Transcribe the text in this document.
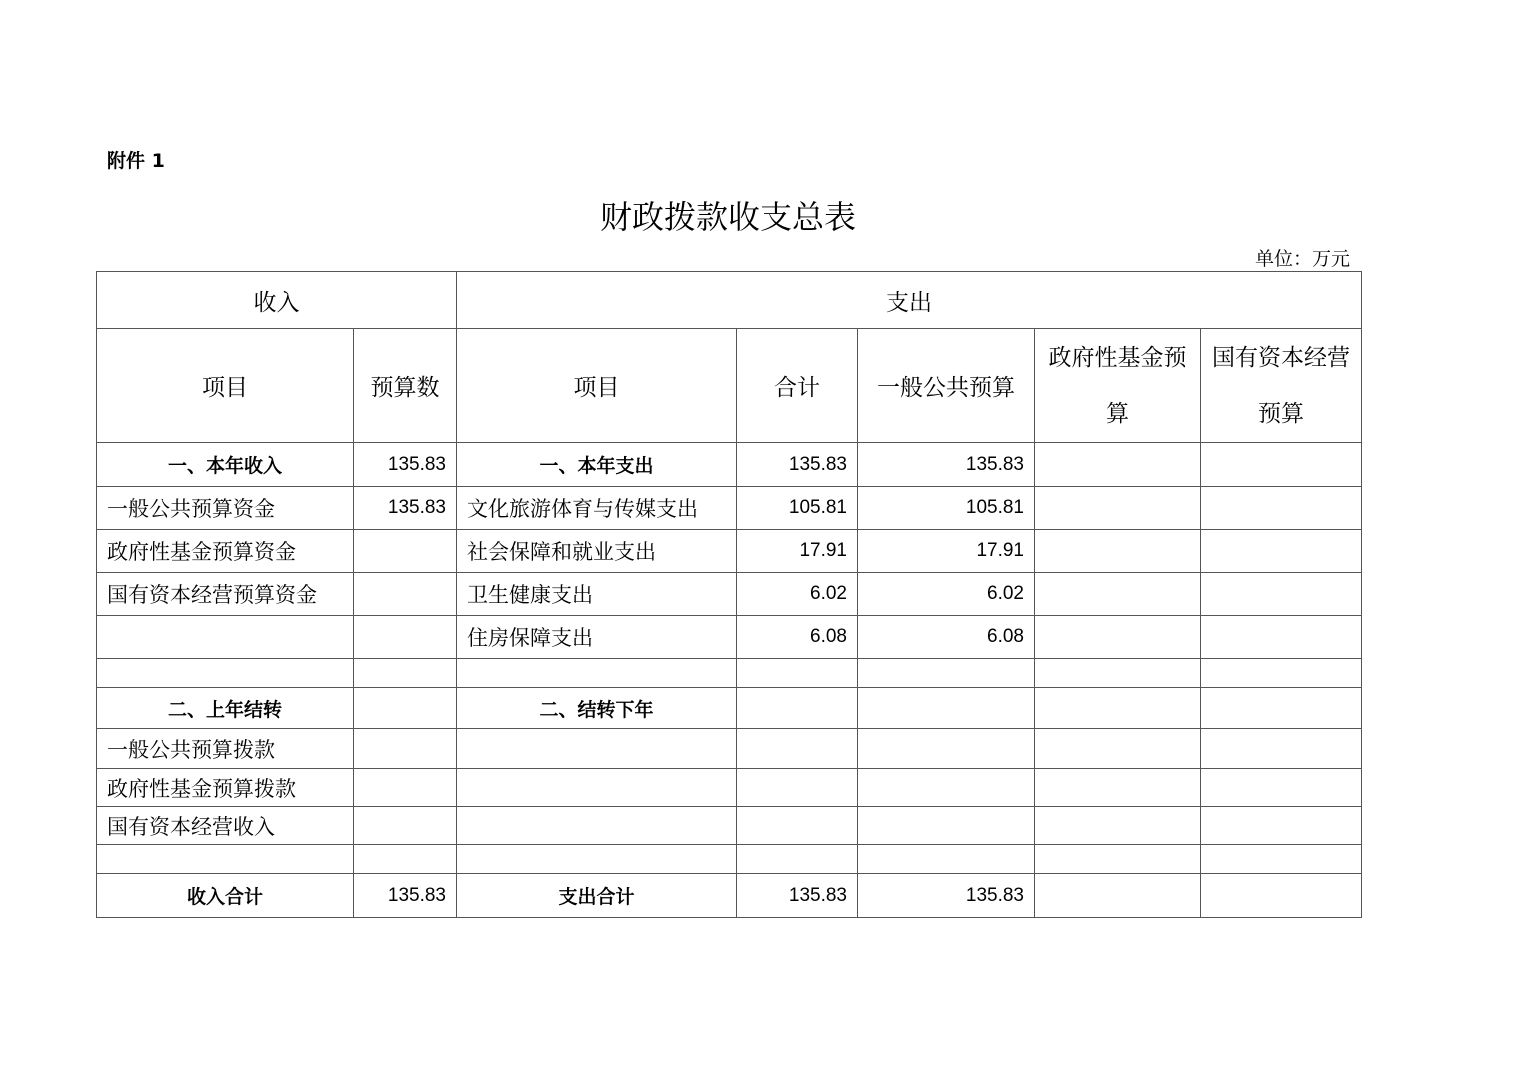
附件 1
财政拨款收支总表
单位：万元
收入		支出				
项目	预算数	项目	合计	一般公共预算	政府性基金预算	国有资本经营预算
一、本年收入	135.83	一、本年支出	135.83	135.83		
一般公共预算资金	135.83	文化旅游体育与传媒支出	105.81	105.81		
政府性基金预算资金		社会保障和就业支出	17.91	17.91		
国有资本经营预算资金		卫生健康支出	6.02	6.02		
		住房保障支出	6.08	6.08		

二、上年结转		二、结转下年				
一般公共预算拨款						
政府性基金预算拨款						
国有资本经营收入						

收入合计	135.83	支出合计	135.83	135.83		
